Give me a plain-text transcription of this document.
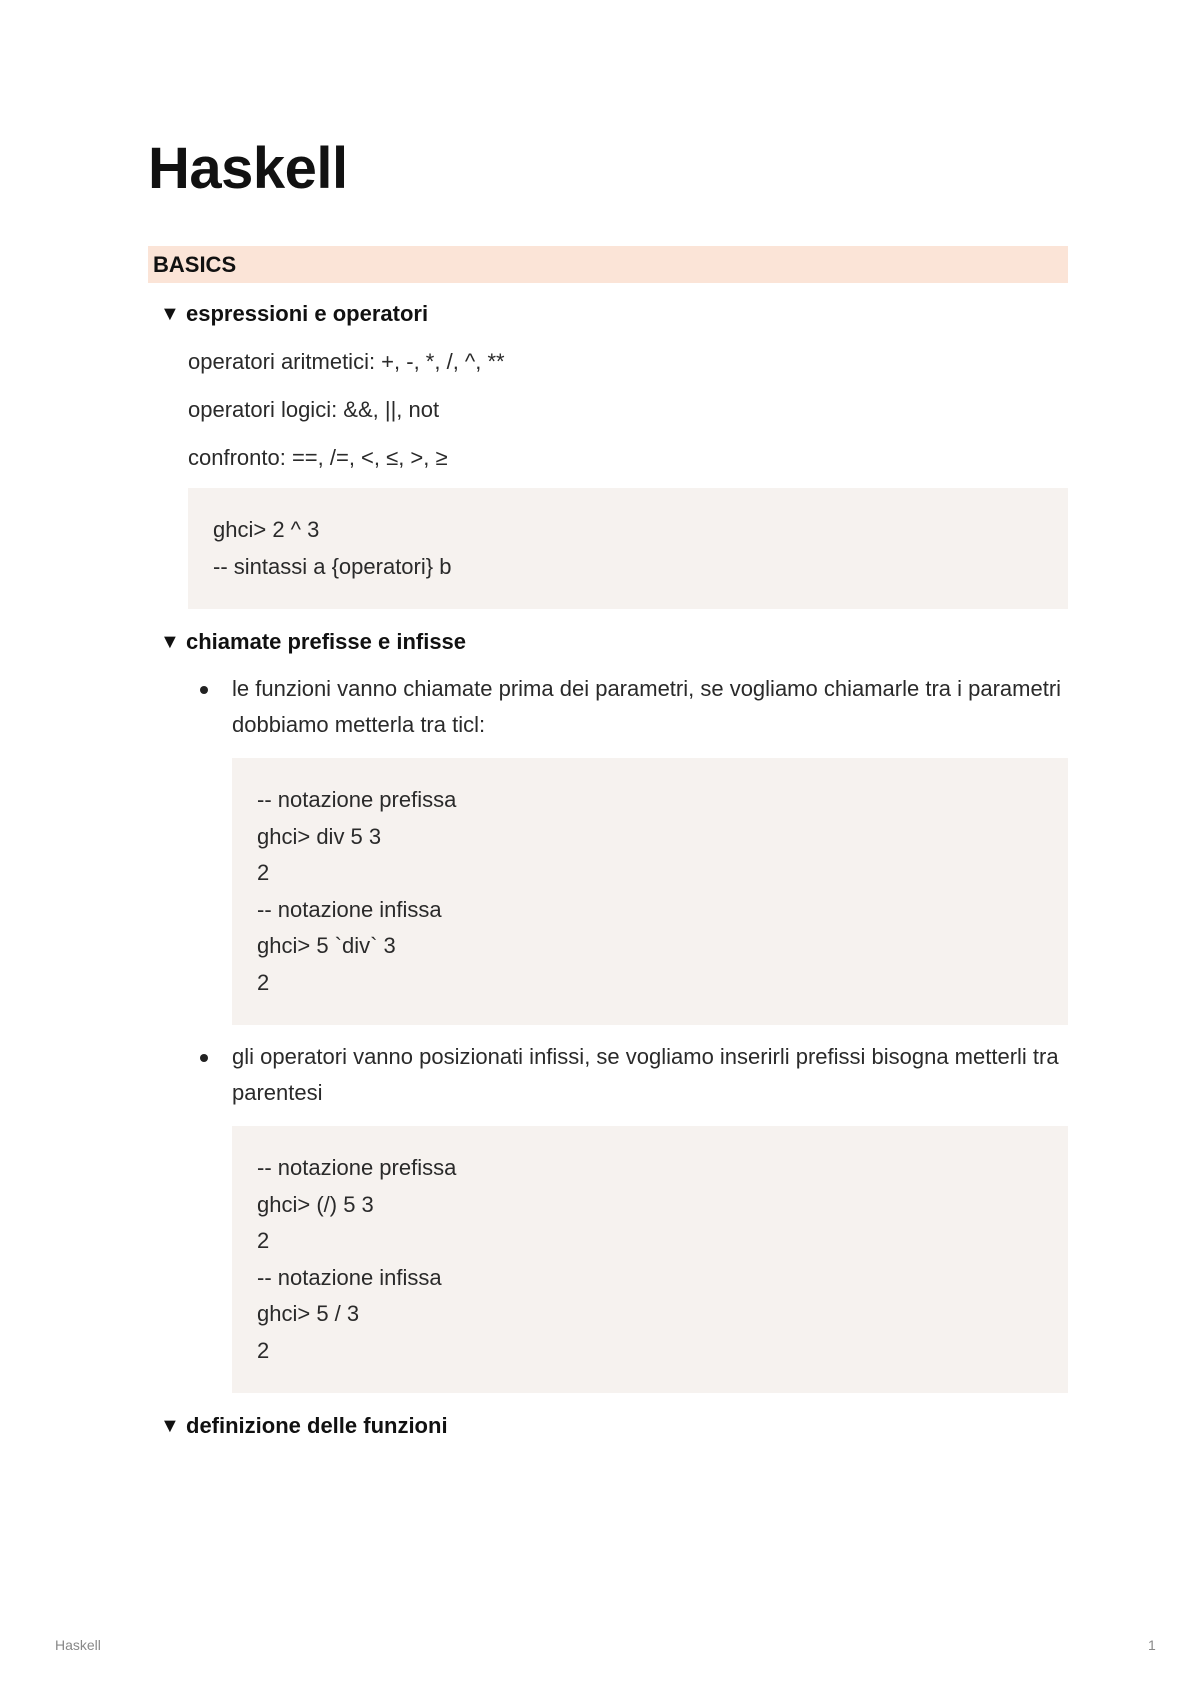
Haskell
BASICS
▼ espressioni e operatori

operatori aritmetici: +, -, *, /, ^, **

operatori logici: &&, ||, not

confronto: ==, /=, <, ≤, >, ≥

ghci> 2 ^ 3
-- sintassi a {operatori} b
▼ chiamate prefisse e infisse
le funzioni vanno chiamate prima dei parametri, se vogliamo chiamarle tra i parametri dobbiamo metterla tra ticl:
-- notazione prefissa
ghci> div 5 3
2
-- notazione infissa
ghci> 5 `div` 3
2
gli operatori vanno posizionati infissi, se vogliamo inserirli prefissi bisogna metterli tra parentesi
-- notazione prefissa
ghci> (/) 5 3
2
-- notazione infissa
ghci> 5 / 3
2
▼ definizione delle funzioni
Haskell	1
